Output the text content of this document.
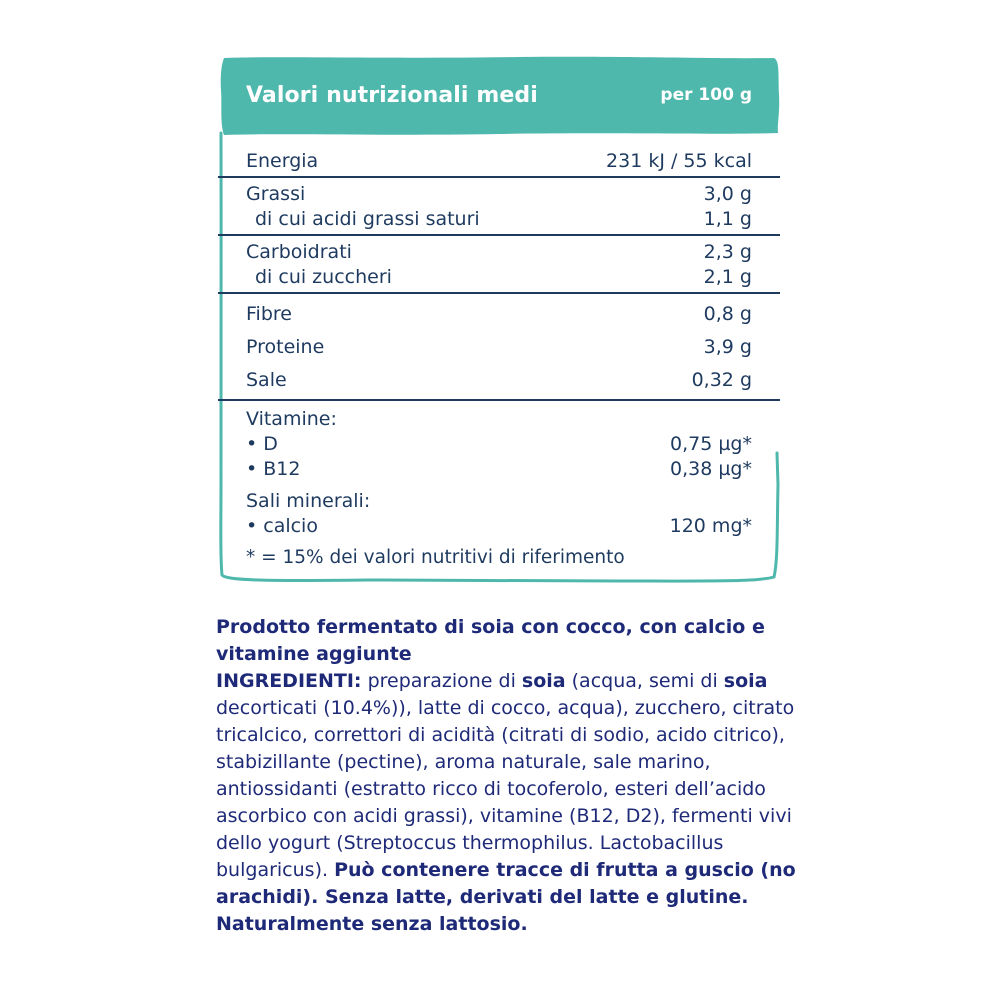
Valori nutrizionali medi	per 100 g
Energia	231 kJ / 55 kcal
Grassi	3,0 g
di cui acidi grassi saturi	1,1 g
Carboidrati	2,3 g
di cui zuccheri	2,1 g
Fibre	0,8 g
Proteine	3,9 g
Sale	0,32 g
Vitamine:
• D	0,75 µg*
• B12	0,38 µg*
Sali minerali:
• calcio	120 mg*
* = 15% dei valori nutritivi di riferimento
Prodotto fermentato di soia con cocco, con calcio e vitamine aggiunte
INGREDIENTI: preparazione di soia (acqua, semi di soia decorticati (10.4%)), latte di cocco, acqua), zucchero, citrato tricalcico, correttori di acidità (citrati di sodio, acido citrico), stabizillante (pectine), aroma naturale, sale marino, antiossidanti (estratto ricco di tocoferolo, esteri dell’acido ascorbico con acidi grassi), vitamine (B12, D2), fermenti vivi dello yogurt (Streptoccus thermophilus. Lactobacillus bulgaricus). Può contenere tracce di frutta a guscio (no arachidi). Senza latte, derivati del latte e glutine. Naturalmente senza lattosio.
